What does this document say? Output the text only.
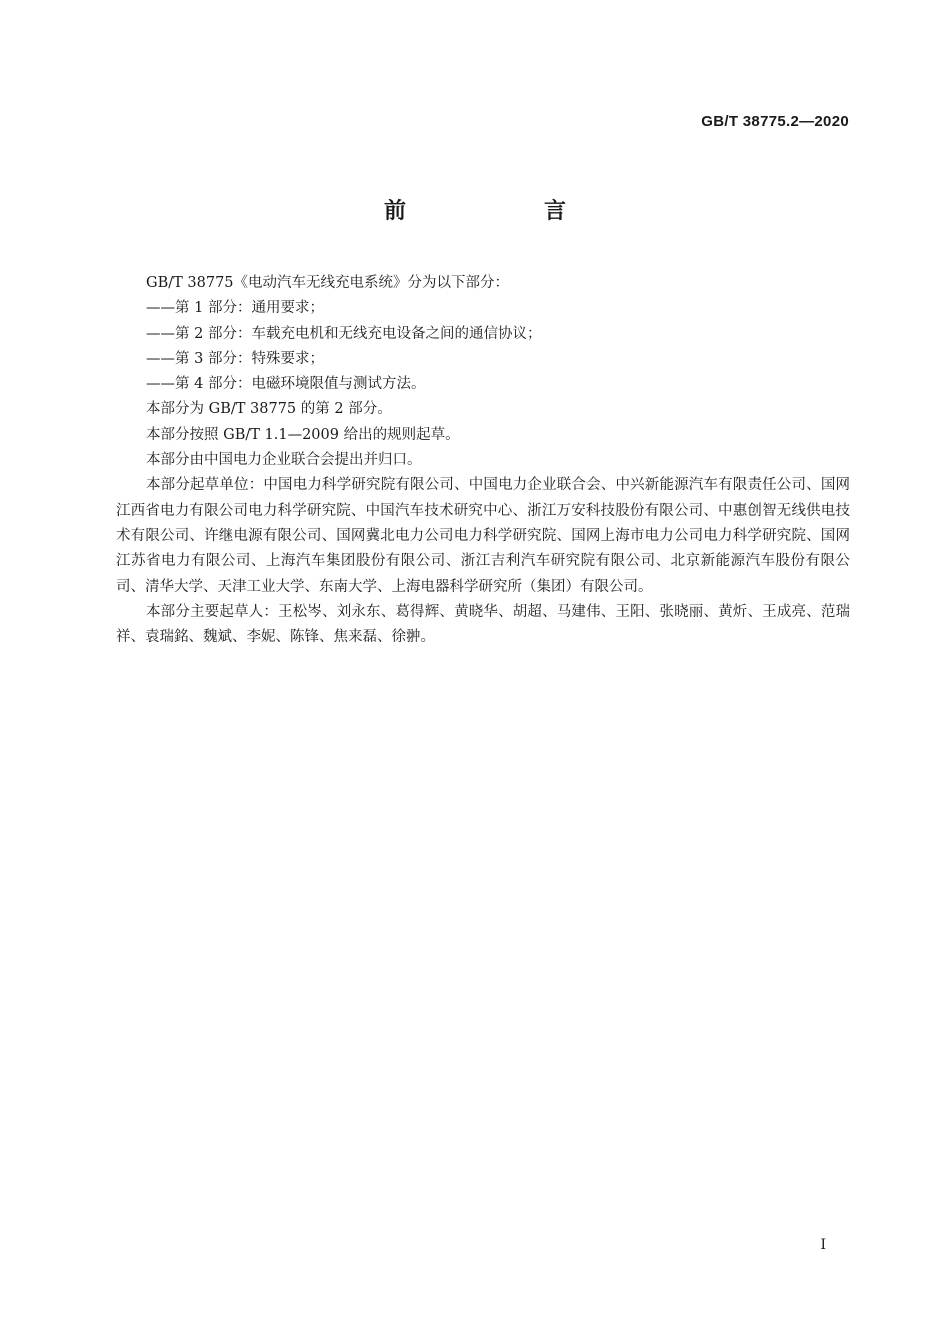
GB/T 38775.2—2020
前　言

GB/T 38775《电动汽车无线充电系统》分为以下部分：

——第 1 部分：通用要求；

——第 2 部分：车载充电机和无线充电设备之间的通信协议；

——第 3 部分：特殊要求；

——第 4 部分：电磁环境限值与测试方法。

本部分为 GB/T 38775 的第 2 部分。

本部分按照 GB/T 1.1—2009 给出的规则起草。

本部分由中国电力企业联合会提出并归口。

本部分起草单位：中国电力科学研究院有限公司、中国电力企业联合会、中兴新能源汽车有限责任公司、国网江西省电力有限公司电力科学研究院、中国汽车技术研究中心、浙江万安科技股份有限公司、中惠创智无线供电技术有限公司、许继电源有限公司、国网冀北电力公司电力科学研究院、国网上海市电力公司电力科学研究院、国网江苏省电力有限公司、上海汽车集团股份有限公司、浙江吉利汽车研究院有限公司、北京新能源汽车股份有限公司、清华大学、天津工业大学、东南大学、上海电器科学研究所（集团）有限公司。

本部分主要起草人：王松岑、刘永东、葛得辉、黄晓华、胡超、马建伟、王阳、张晓丽、黄炘、王成亮、范瑞祥、袁瑞銘、魏斌、李妮、陈锋、焦来磊、徐翀。

I
